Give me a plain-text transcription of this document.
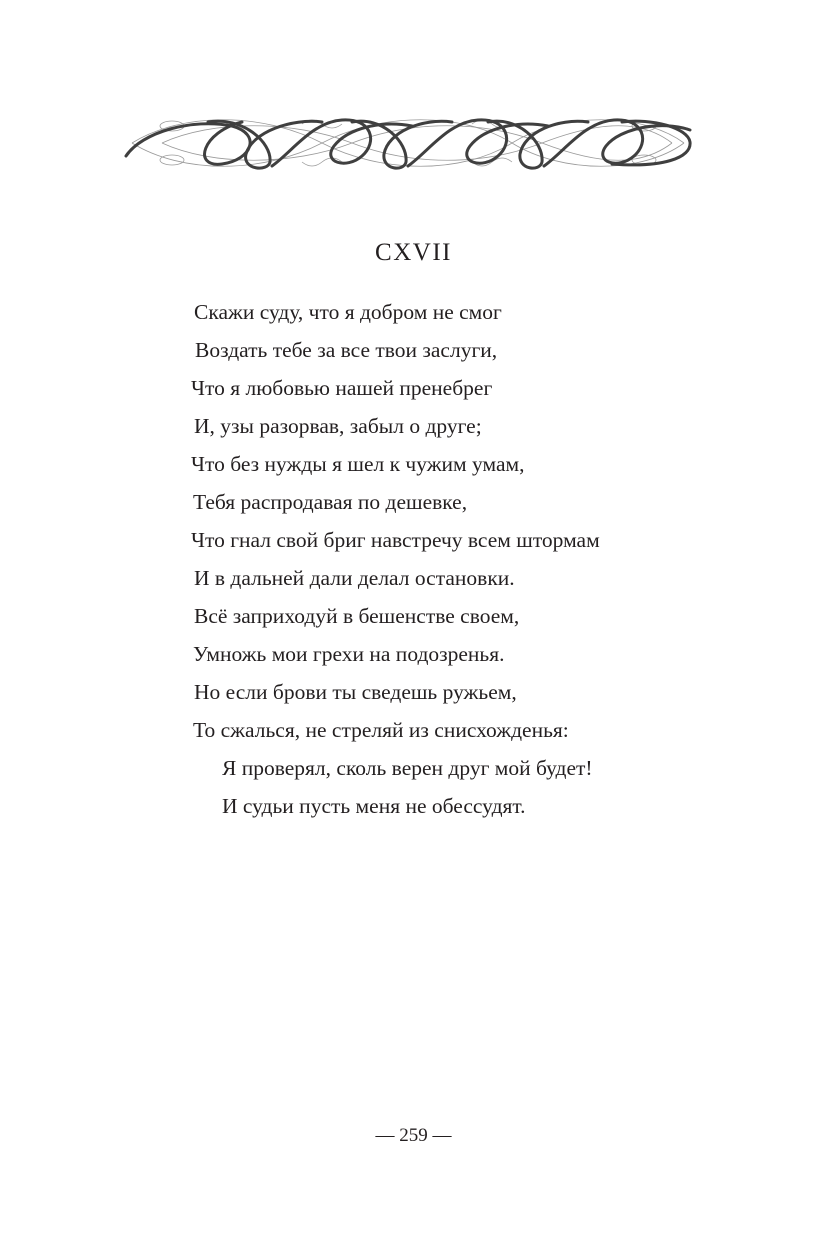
CXVII
Скажи суду, что я добром не смог
Воздать тебе за все твои заслуги,
Что я любовью нашей пренебрег
И, узы разорвав, забыл о друге;
Что без нужды я шел к чужим умам,
Тебя распродавая по дешевке,
Что гнал свой бриг навстречу всем штормам
И в дальней дали делал остановки.
Всё заприходуй в бешенстве своем,
Умножь мои грехи на подозренья.
Но если брови ты сведешь ружьем,
То сжалься, не стреляй из снисхожденья:
Я проверял, сколь верен друг мой будет!
И судьи пусть меня не обессудят.
— 259 —
